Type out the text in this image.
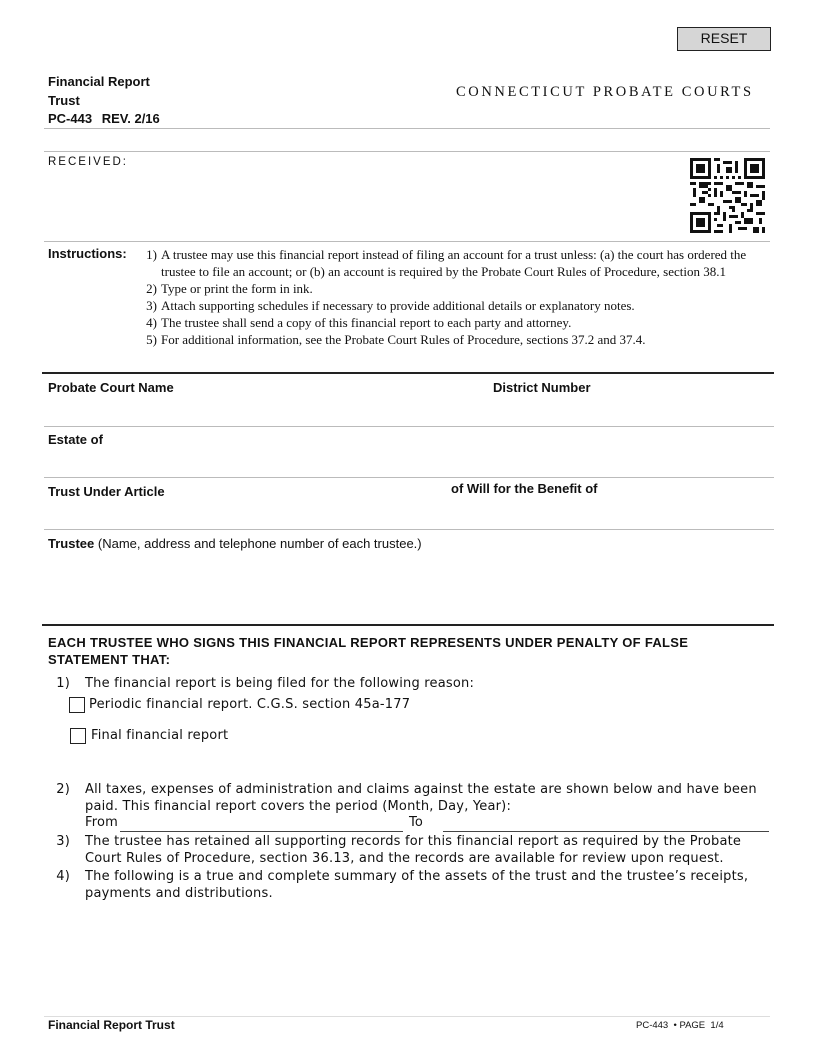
RESET
Financial Report
Trust
PC-443 REV. 2/16
CONNECTICUT PROBATE COURTS
RECEIVED:
Instructions:	1) A trustee may use this financial report instead of filing an account for a trust unless: (a) the court has ordered the trustee to file an account; or (b) an account is required by the Probate Court Rules of Procedure, section 38.1
2) Type or print the form in ink.
3) Attach supporting schedules if necessary to provide additional details or explanatory notes.
4) The trustee shall send a copy of this financial report to each party and attorney.
5) For additional information, see the Probate Court Rules of Procedure, sections 37.2 and 37.4.
Probate Court Name	District Number
Estate of
Trust Under Article	of Will for the Benefit of
Trustee (Name, address and telephone number of each trustee.)
EACH TRUSTEE WHO SIGNS THIS FINANCIAL REPORT REPRESENTS UNDER PENALTY OF FALSE STATEMENT THAT:
1) The financial report is being filed for the following reason:
Periodic financial report. C.G.S. section 45a-177
Final financial report
2) All taxes, expenses of administration and claims against the estate are shown below and have been paid. This financial report covers the period (Month, Day, Year):
From	To
3) The trustee has retained all supporting records for this financial report as required by the Probate Court Rules of Procedure, section 36.13, and the records are available for review upon request.
4) The following is a true and complete summary of the assets of the trust and the trustee’s receipts, payments and distributions.
Financial Report Trust	PC-443  • PAGE  1/4
